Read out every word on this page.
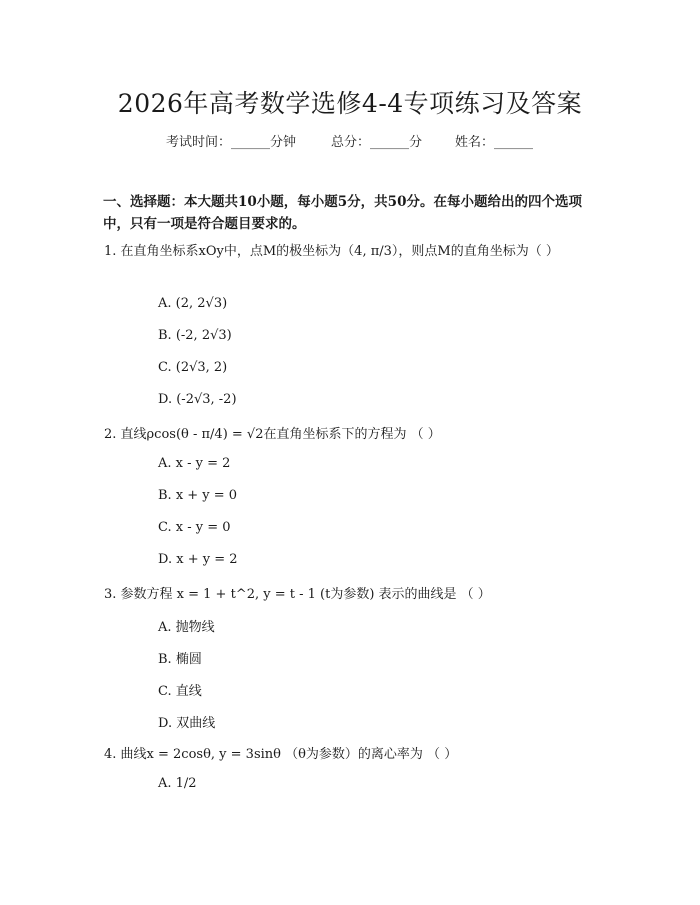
2026年高考数学选修4-4专项练习及答案
考试时间：______分钟	总分：______分	姓名：______
一、选择题：本大题共10小题，每小题5分，共50分。在每小题给出的四个选项中，只有一项是符合题目要求的。
1. 在直角坐标系xOy中，点M的极坐标为（4, π/3），则点M的直角坐标为（ ）
A. (2, 2√3)
B. (-2, 2√3)
C. (2√3, 2)
D. (-2√3, -2)
2. 直线ρcos(θ - π/4) = √2在直角坐标系下的方程为 （ ）
A. x - y = 2
B. x + y = 0
C. x - y = 0
D. x + y = 2
3. 参数方程 x = 1 + t^2, y = t - 1 (t为参数) 表示的曲线是 （ ）
A. 抛物线
B. 椭圆
C. 直线
D. 双曲线
4. 曲线x = 2cosθ, y = 3sinθ （θ为参数）的离心率为 （ ）
A. 1/2
